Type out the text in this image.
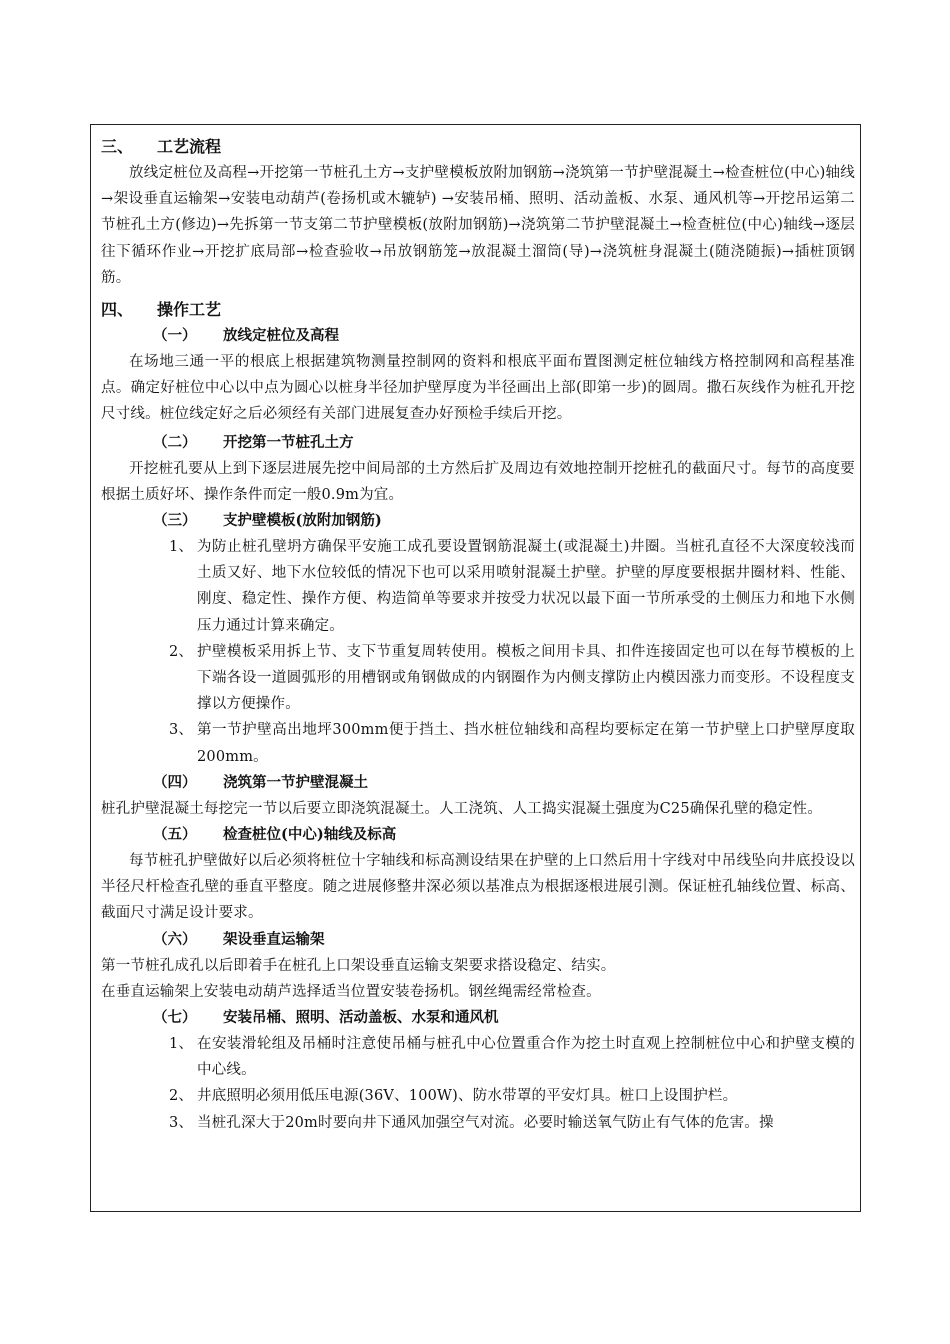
三、 工艺流程
放线定桩位及高程→开挖第一节桩孔土方→支护壁模板放附加钢筋→浇筑第一节护壁混凝土→检查桩位(中心)轴线→架设垂直运输架→安装电动葫芦(卷扬机或木辘轳) →安装吊桶、照明、活动盖板、水泵、通风机等→开挖吊运第二节桩孔土方(修边)→先拆第一节支第二节护壁模板(放附加钢筋)→浇筑第二节护壁混凝土→检查桩位(中心)轴线→逐层往下循环作业→开挖扩底局部→检查验收→吊放钢筋笼→放混凝土溜筒(导)→浇筑桩身混凝土(随浇随振)→插桩顶钢筋。
四、 操作工艺
（一） 放线定桩位及高程
在场地三通一平的根底上根据建筑物测量控制网的资料和根底平面布置图测定桩位轴线方格控制网和高程基准点。确定好桩位中心以中点为圆心以桩身半径加护壁厚度为半径画出上部(即第一步)的圆周。撒石灰线作为桩孔开挖尺寸线。桩位线定好之后必须经有关部门进展复查办好预检手续后开挖。
（二） 开挖第一节桩孔土方
开挖桩孔要从上到下逐层进展先挖中间局部的土方然后扩及周边有效地控制开挖桩孔的截面尺寸。每节的高度要根据土质好坏、操作条件而定一般0.9m为宜。
（三） 支护壁模板(放附加钢筋)
1、 为防止桩孔壁坍方确保平安施工成孔要设置钢筋混凝土(或混凝土)井圈。当桩孔直径不大深度较浅而土质又好、地下水位较低的情况下也可以采用喷射混凝土护壁。护壁的厚度要根据井圈材料、性能、刚度、稳定性、操作方便、构造简单等要求并按受力状况以最下面一节所承受的土侧压力和地下水侧压力通过计算来确定。
2、 护壁模板采用拆上节、支下节重复周转使用。模板之间用卡具、扣件连接固定也可以在每节模板的上下端各设一道圆弧形的用槽钢或角钢做成的内钢圈作为内侧支撑防止内模因涨力而变形。不设程度支撑以方便操作。
3、 第一节护壁高出地坪300mm便于挡土、挡水桩位轴线和高程均要标定在第一节护壁上口护壁厚度取200mm。
（四） 浇筑第一节护壁混凝土
桩孔护壁混凝土每挖完一节以后要立即浇筑混凝土。人工浇筑、人工捣实混凝土强度为C25确保孔壁的稳定性。
（五） 检查桩位(中心)轴线及标高
每节桩孔护壁做好以后必须将桩位十字轴线和标高测设结果在护壁的上口然后用十字线对中吊线坠向井底投设以半径尺杆检查孔壁的垂直平整度。随之进展修整井深必须以基准点为根据逐根进展引测。保证桩孔轴线位置、标高、截面尺寸满足设计要求。
（六） 架设垂直运输架
第一节桩孔成孔以后即着手在桩孔上口架设垂直运输支架要求搭设稳定、结实。
在垂直运输架上安装电动葫芦选择适当位置安装卷扬机。钢丝绳需经常检查。
（七） 安装吊桶、照明、活动盖板、水泵和通风机
1、 在安装滑轮组及吊桶时注意使吊桶与桩孔中心位置重合作为挖土时直观上控制桩位中心和护壁支模的中心线。
2、 井底照明必须用低压电源(36V、100W)、防水带罩的平安灯具。桩口上设围护栏。
3、 当桩孔深大于20m时要向井下通风加强空气对流。必要时输送氧气防止有气体的危害。操
